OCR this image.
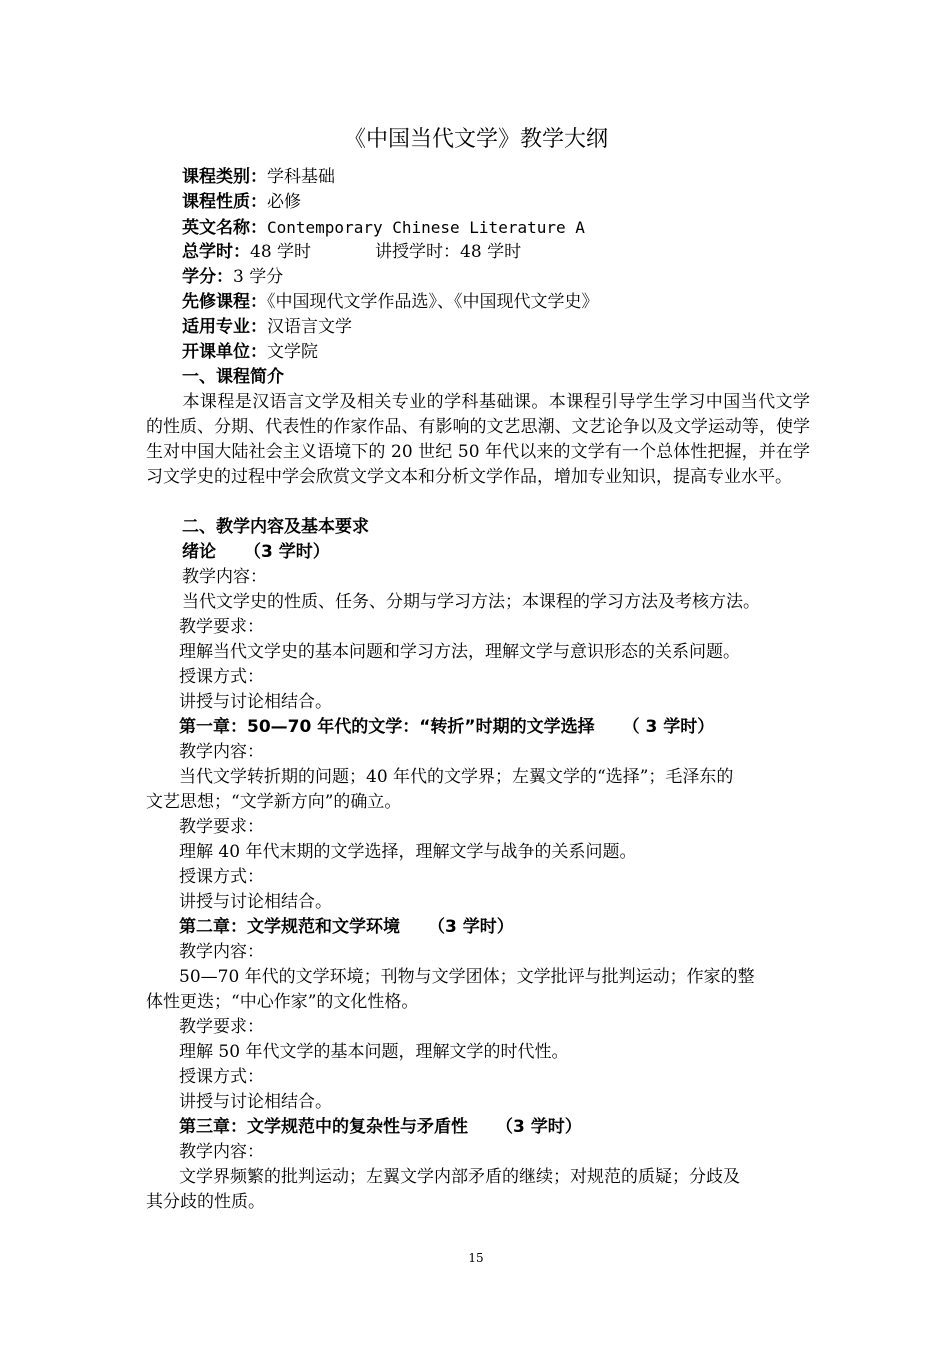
《中国当代文学》教学大纲
课程类别：学科基础
课程性质：必修
英文名称：Contemporary Chinese Literature A
总学时：48 学时	讲授学时：48 学时
学分：3 学分
先修课程：《中国现代文学作品选》、《中国现代文学史》
适用专业：汉语言文学
开课单位：文学院
一、课程简介
本课程是汉语言文学及相关专业的学科基础课。本课程引导学生学习中国当代文学的性质、分期、代表性的作家作品、有影响的文艺思潮、文艺论争以及文学运动等，使学生对中国大陆社会主义语境下的 20 世纪 50 年代以来的文学有一个总体性把握，并在学习文学史的过程中学会欣赏文学文本和分析文学作品，增加专业知识，提高专业水平。
二、教学内容及基本要求
绪论 （3 学时）
教学内容：
当代文学史的性质、任务、分期与学习方法；本课程的学习方法及考核方法。
教学要求：
理解当代文学史的基本问题和学习方法，理解文学与意识形态的关系问题。
授课方式：
讲授与讨论相结合。
第一章：50—70 年代的文学：“转折”时期的文学选择 （ 3 学时）
教学内容：
当代文学转折期的问题；40 年代的文学界；左翼文学的“选择”；毛泽东的
文艺思想；“文学新方向”的确立。
教学要求：
理解 40 年代末期的文学选择，理解文学与战争的关系问题。
授课方式：
讲授与讨论相结合。
第二章：文学规范和文学环境 （3 学时）
教学内容：
50—70 年代的文学环境；刊物与文学团体；文学批评与批判运动；作家的整
体性更迭；“中心作家”的文化性格。
教学要求：
理解 50 年代文学的基本问题，理解文学的时代性。
授课方式：
讲授与讨论相结合。
第三章：文学规范中的复杂性与矛盾性 （3 学时）
教学内容：
文学界频繁的批判运动；左翼文学内部矛盾的继续；对规范的质疑；分歧及
其分歧的性质。
15
